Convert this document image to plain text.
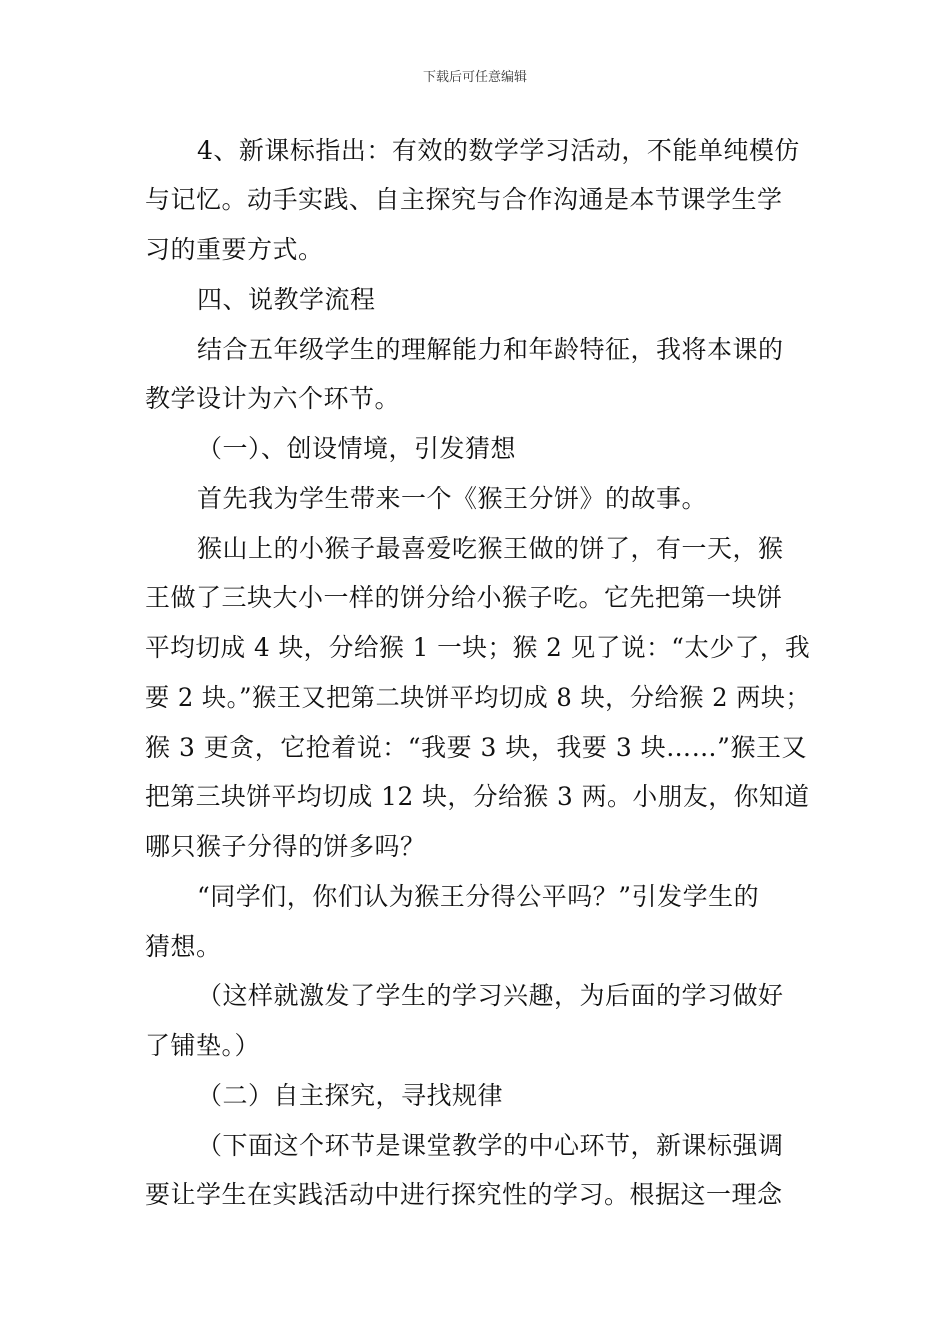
下载后可任意编辑
4、新课标指出：有效的数学学习活动，不能单纯模仿
与记忆。动手实践、自主探究与合作沟通是本节课学生学
习的重要方式。
四、说教学流程
结合五年级学生的理解能力和年龄特征，我将本课的
教学设计为六个环节。
（一）、创设情境，引发猜想
首先我为学生带来一个《猴王分饼》的故事。
猴山上的小猴子最喜爱吃猴王做的饼了，有一天，猴
王做了三块大小一样的饼分给小猴子吃。它先把第一块饼
平均切成 4 块，分给猴 1 一块；猴 2 见了说：“太少了，我
要 2 块。”猴王又把第二块饼平均切成 8 块，分给猴 2 两块；
猴 3 更贪，它抢着说：“我要 3 块，我要 3 块……”猴王又
把第三块饼平均切成 12 块，分给猴 3 两。小朋友，你知道
哪只猴子分得的饼多吗？
“同学们，你们认为猴王分得公平吗？”引发学生的
猜想。
（这样就激发了学生的学习兴趣，为后面的学习做好
了铺垫。）
（二）自主探究，寻找规律
（下面这个环节是课堂教学的中心环节，新课标强调
要让学生在实践活动中进行探究性的学习。根据这一理念
